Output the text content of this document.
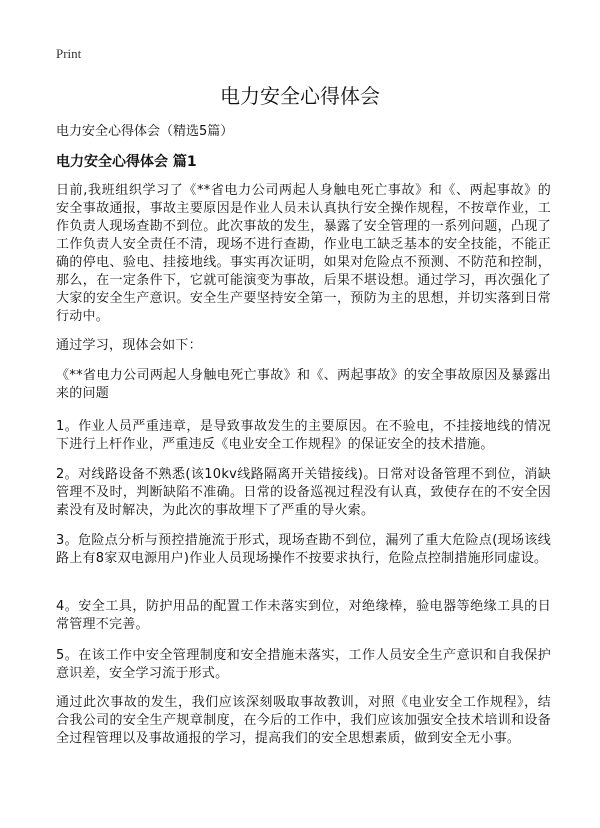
Print
电力安全心得体会
电力安全心得体会（精选5篇）
电力安全心得体会 篇1

日前,我班组织学习了《**省电力公司两起人身触电死亡事故》和《、两起事故》的安全事故通报，事故主要原因是作业人员未认真执行安全操作规程，不按章作业，工作负责人现场查勘不到位。此次事故的发生，暴露了安全管理的一系列问题，凸现了工作负责人安全责任不清，现场不进行查勘，作业电工缺乏基本的安全技能，不能正确的停电、验电、挂接地线。事实再次证明，如果对危险点不预测、不防范和控制，那么，在一定条件下，它就可能演变为事故，后果不堪设想。通过学习，再次强化了大家的安全生产意识。安全生产要坚持安全第一，预防为主的思想，并切实落到日常行动中。

通过学习，现体会如下：

《**省电力公司两起人身触电死亡事故》和《、两起事故》的安全事故原因及暴露出来的问题

1。作业人员严重违章，是导致事故发生的主要原因。在不验电，不挂接地线的情况下进行上杆作业，严重违反《电业安全工作规程》的保证安全的技术措施。

2。对线路设备不熟悉(该10kv线路隔离开关错接线)。日常对设备管理不到位，消缺管理不及时，判断缺陷不准确。日常的设备巡视过程没有认真，致使存在的不安全因素没有及时解决，为此次的事故埋下了严重的导火索。

3。危险点分析与预控措施流于形式，现场查勘不到位，漏列了重大危险点(现场该线路上有8家双电源用户)作业人员现场操作不按要求执行，危险点控制措施形同虚设。

4。安全工具，防护用品的配置工作未落实到位，对绝缘棒，验电器等绝缘工具的日常管理不完善。

5。在该工作中安全管理制度和安全措施未落实，工作人员安全生产意识和自我保护意识差，安全学习流于形式。

通过此次事故的发生，我们应该深刻吸取事故教训，对照《电业安全工作规程》，结合我公司的安全生产规章制度，在今后的工作中，我们应该加强安全技术培训和设备全过程管理以及事故通报的学习，提高我们的安全思想素质，做到安全无小事。
